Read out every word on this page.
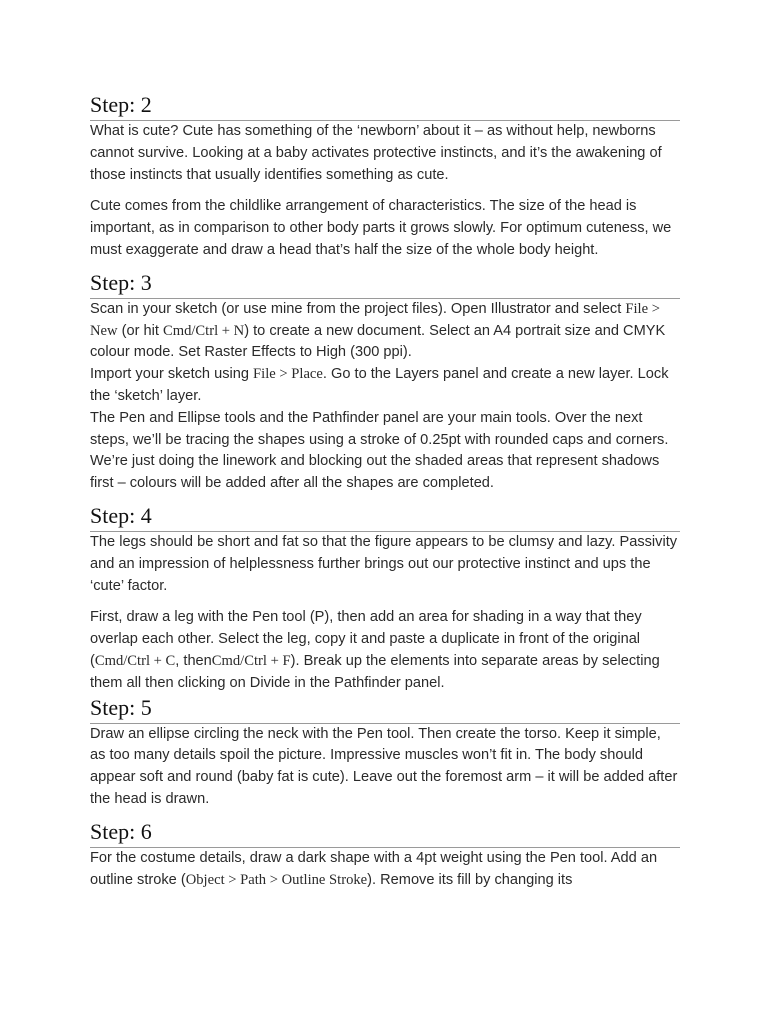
Step: 2

What is cute? Cute has something of the ‘newborn’ about it – as without help, newborns cannot survive. Looking at a baby activates protective instincts, and it’s the awakening of those instincts that usually identifies something as cute.

Cute comes from the childlike arrangement of characteristics. The size of the head is important, as in comparison to other body parts it grows slowly. For optimum cuteness, we must exaggerate and draw a head that’s half the size of the whole body height.

Step: 3

Scan in your sketch (or use mine from the project files). Open Illustrator and select File > New (or hit Cmd/Ctrl + N) to create a new document. Select an A4 portrait size and CMYK colour mode. Set Raster Effects to High (300 ppi).

Import your sketch using File > Place. Go to the Layers panel and create a new layer. Lock the ‘sketch’ layer.

The Pen and Ellipse tools and the Pathfinder panel are your main tools. Over the next steps, we’ll be tracing the shapes using a stroke of 0.25pt with rounded caps and corners. We’re just doing the linework and blocking out the shaded areas that represent shadows first – colours will be added after all the shapes are completed.

Step: 4

The legs should be short and fat so that the figure appears to be clumsy and lazy. Passivity and an impression of helplessness further brings out our protective instinct and ups the ‘cute’ factor.

First, draw a leg with the Pen tool (P), then add an area for shading in a way that they overlap each other. Select the leg, copy it and paste a duplicate in front of the original (Cmd/Ctrl + C, thenCmd/Ctrl + F). Break up the elements into separate areas by selecting them all then clicking on Divide in the Pathfinder panel.

Step: 5

Draw an ellipse circling the neck with the Pen tool. Then create the torso. Keep it simple, as too many details spoil the picture. Impressive muscles won’t fit in. The body should appear soft and round (baby fat is cute). Leave out the foremost arm – it will be added after the head is drawn.

Step: 6

For the costume details, draw a dark shape with a 4pt weight using the Pen tool. Add an outline stroke (Object > Path > Outline Stroke). Remove its fill by changing its
